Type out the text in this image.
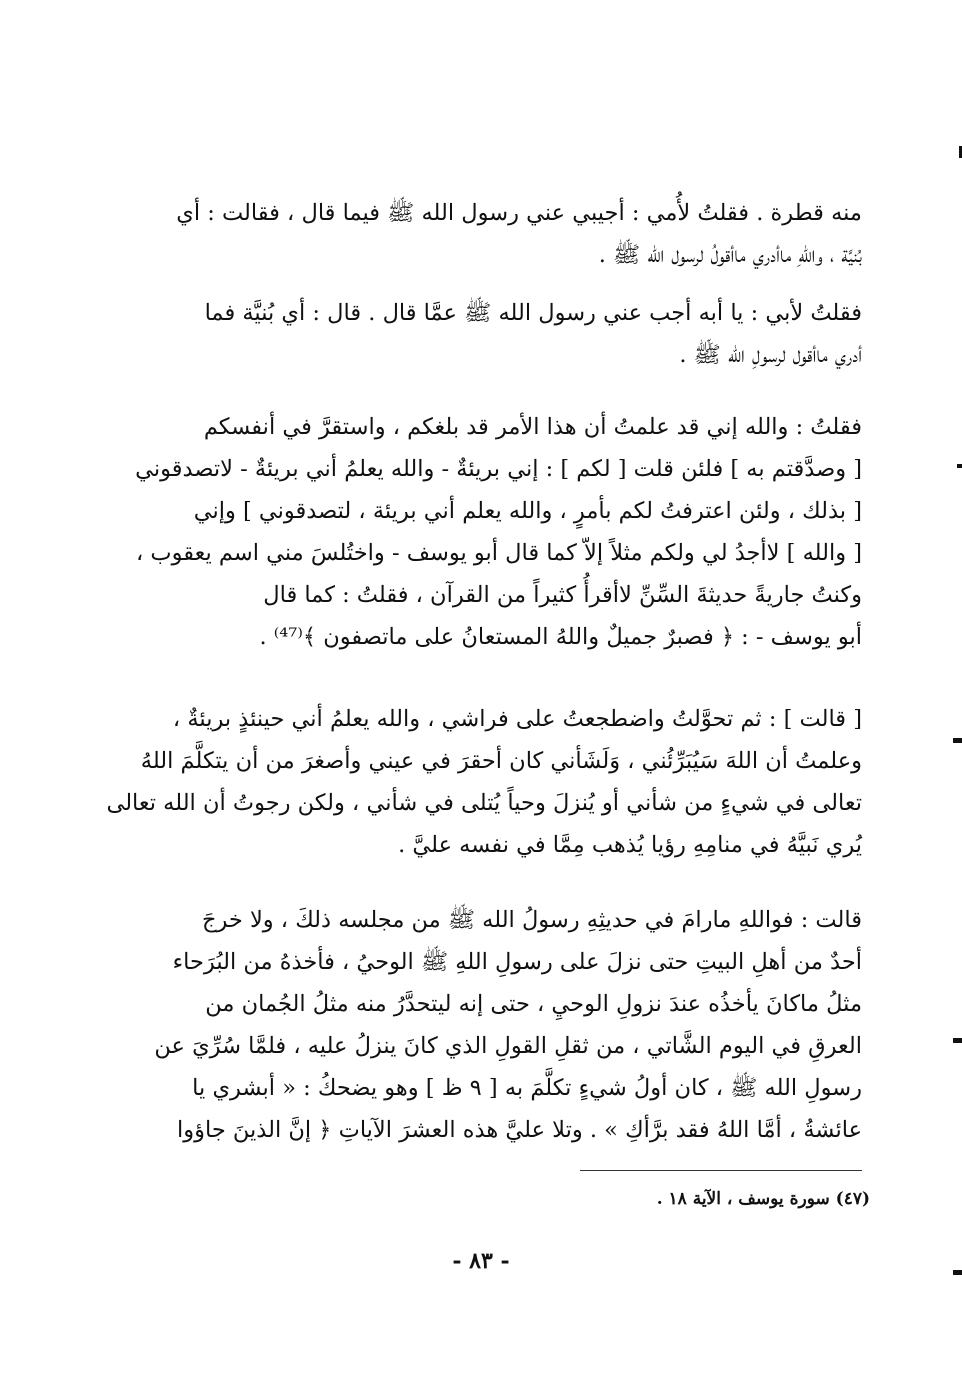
منه قطرة . فقلتُ لأُمي : أجيبي عني رسول الله ﷺ فيما قال ، فقالت : أي
بُنيَّة ، واللهِ ماأدري ماأقولُ لرسول الله ﷺ .
فقلتُ لأبي : يا أبه أجب عني رسول الله ﷺ عمَّا قال . قال : أي بُنيَّة فما
أدري ماأقول لرسولِ الله ﷺ .
فقلتُ : والله إني قد علمتُ أن هذا الأمر قد بلغكم ، واستقرَّ في أنفسكم
[ وصدَّقتم به ] فلئن قلت [ لكم ] : إني بريئةٌ - والله يعلمُ أني بريئةٌ - لاتصدقوني
[ بذلك ، ولئن اعترفتُ لكم بأمرٍ ، والله يعلم أني بريئة ، لتصدقوني ] وإني
[ والله ] لاأجدُ لي ولكم مثلاً إلاّ كما قال أبو يوسف - واختُلسَ مني اسم يعقوب ،
وكنتُ جاريةً حديثةَ السِّنِّ لاأقرأُ كثيراً من القرآن ، فقلتُ : كما قال
أبو يوسف - : ﴿ فصبرٌ جميلٌ واللهُ المستعانُ على ماتصفون ﴾⁽⁴⁷⁾ .
[ قالت ] : ثم تحوَّلتُ واضطجعتُ على فراشي ، والله يعلمُ أني حينئذٍ بريئةٌ ،
وعلمتُ أن اللهَ سَيُبَرِّئُني ، وَلَشَأني كان أحقرَ في عيني وأصغرَ من أن يتكلَّمَ اللهُ
تعالى في شيءٍ من شأني أو يُنزلَ وحياً يُتلى في شأني ، ولكن رجوتُ أن الله تعالى
يُري نَبيَّهُ في منامِهِ رؤيا يُذهب مِمَّا في نفسه عليَّ .
قالت : فواللهِ مارامَ في حديثِهِ رسولُ الله ﷺ من مجلسه ذلكَ ، ولا خرجَ
أحدٌ من أهلِ البيتِ حتى نزلَ على رسولِ اللهِ ﷺ الوحيُ ، فأخذهُ من البُرَحاء
مثلُ ماكانَ يأخذُه عندَ نزولِ الوحيِ ، حتى إنه ليتحدَّرُ منه مثلُ الجُمان من
العرقِ في اليوم الشَّاتي ، من ثقلِ القولِ الذي كانَ ينزلُ عليه ، فلمَّا سُرِّيَ عن
رسولِ الله ﷺ ، كان أولُ شيءٍ تكلَّمَ به [ ٩ ظ ] وهو يضحكُ : « أبشري يا
عائشةُ ، أمَّا اللهُ فقد برَّأكِ » . وتلا عليَّ هذه العشرَ الآياتِ ﴿ إنَّ الذينَ جاؤوا
(٤٧) سورة يوسف ، الآية ١٨ .
- ٨٣ -
